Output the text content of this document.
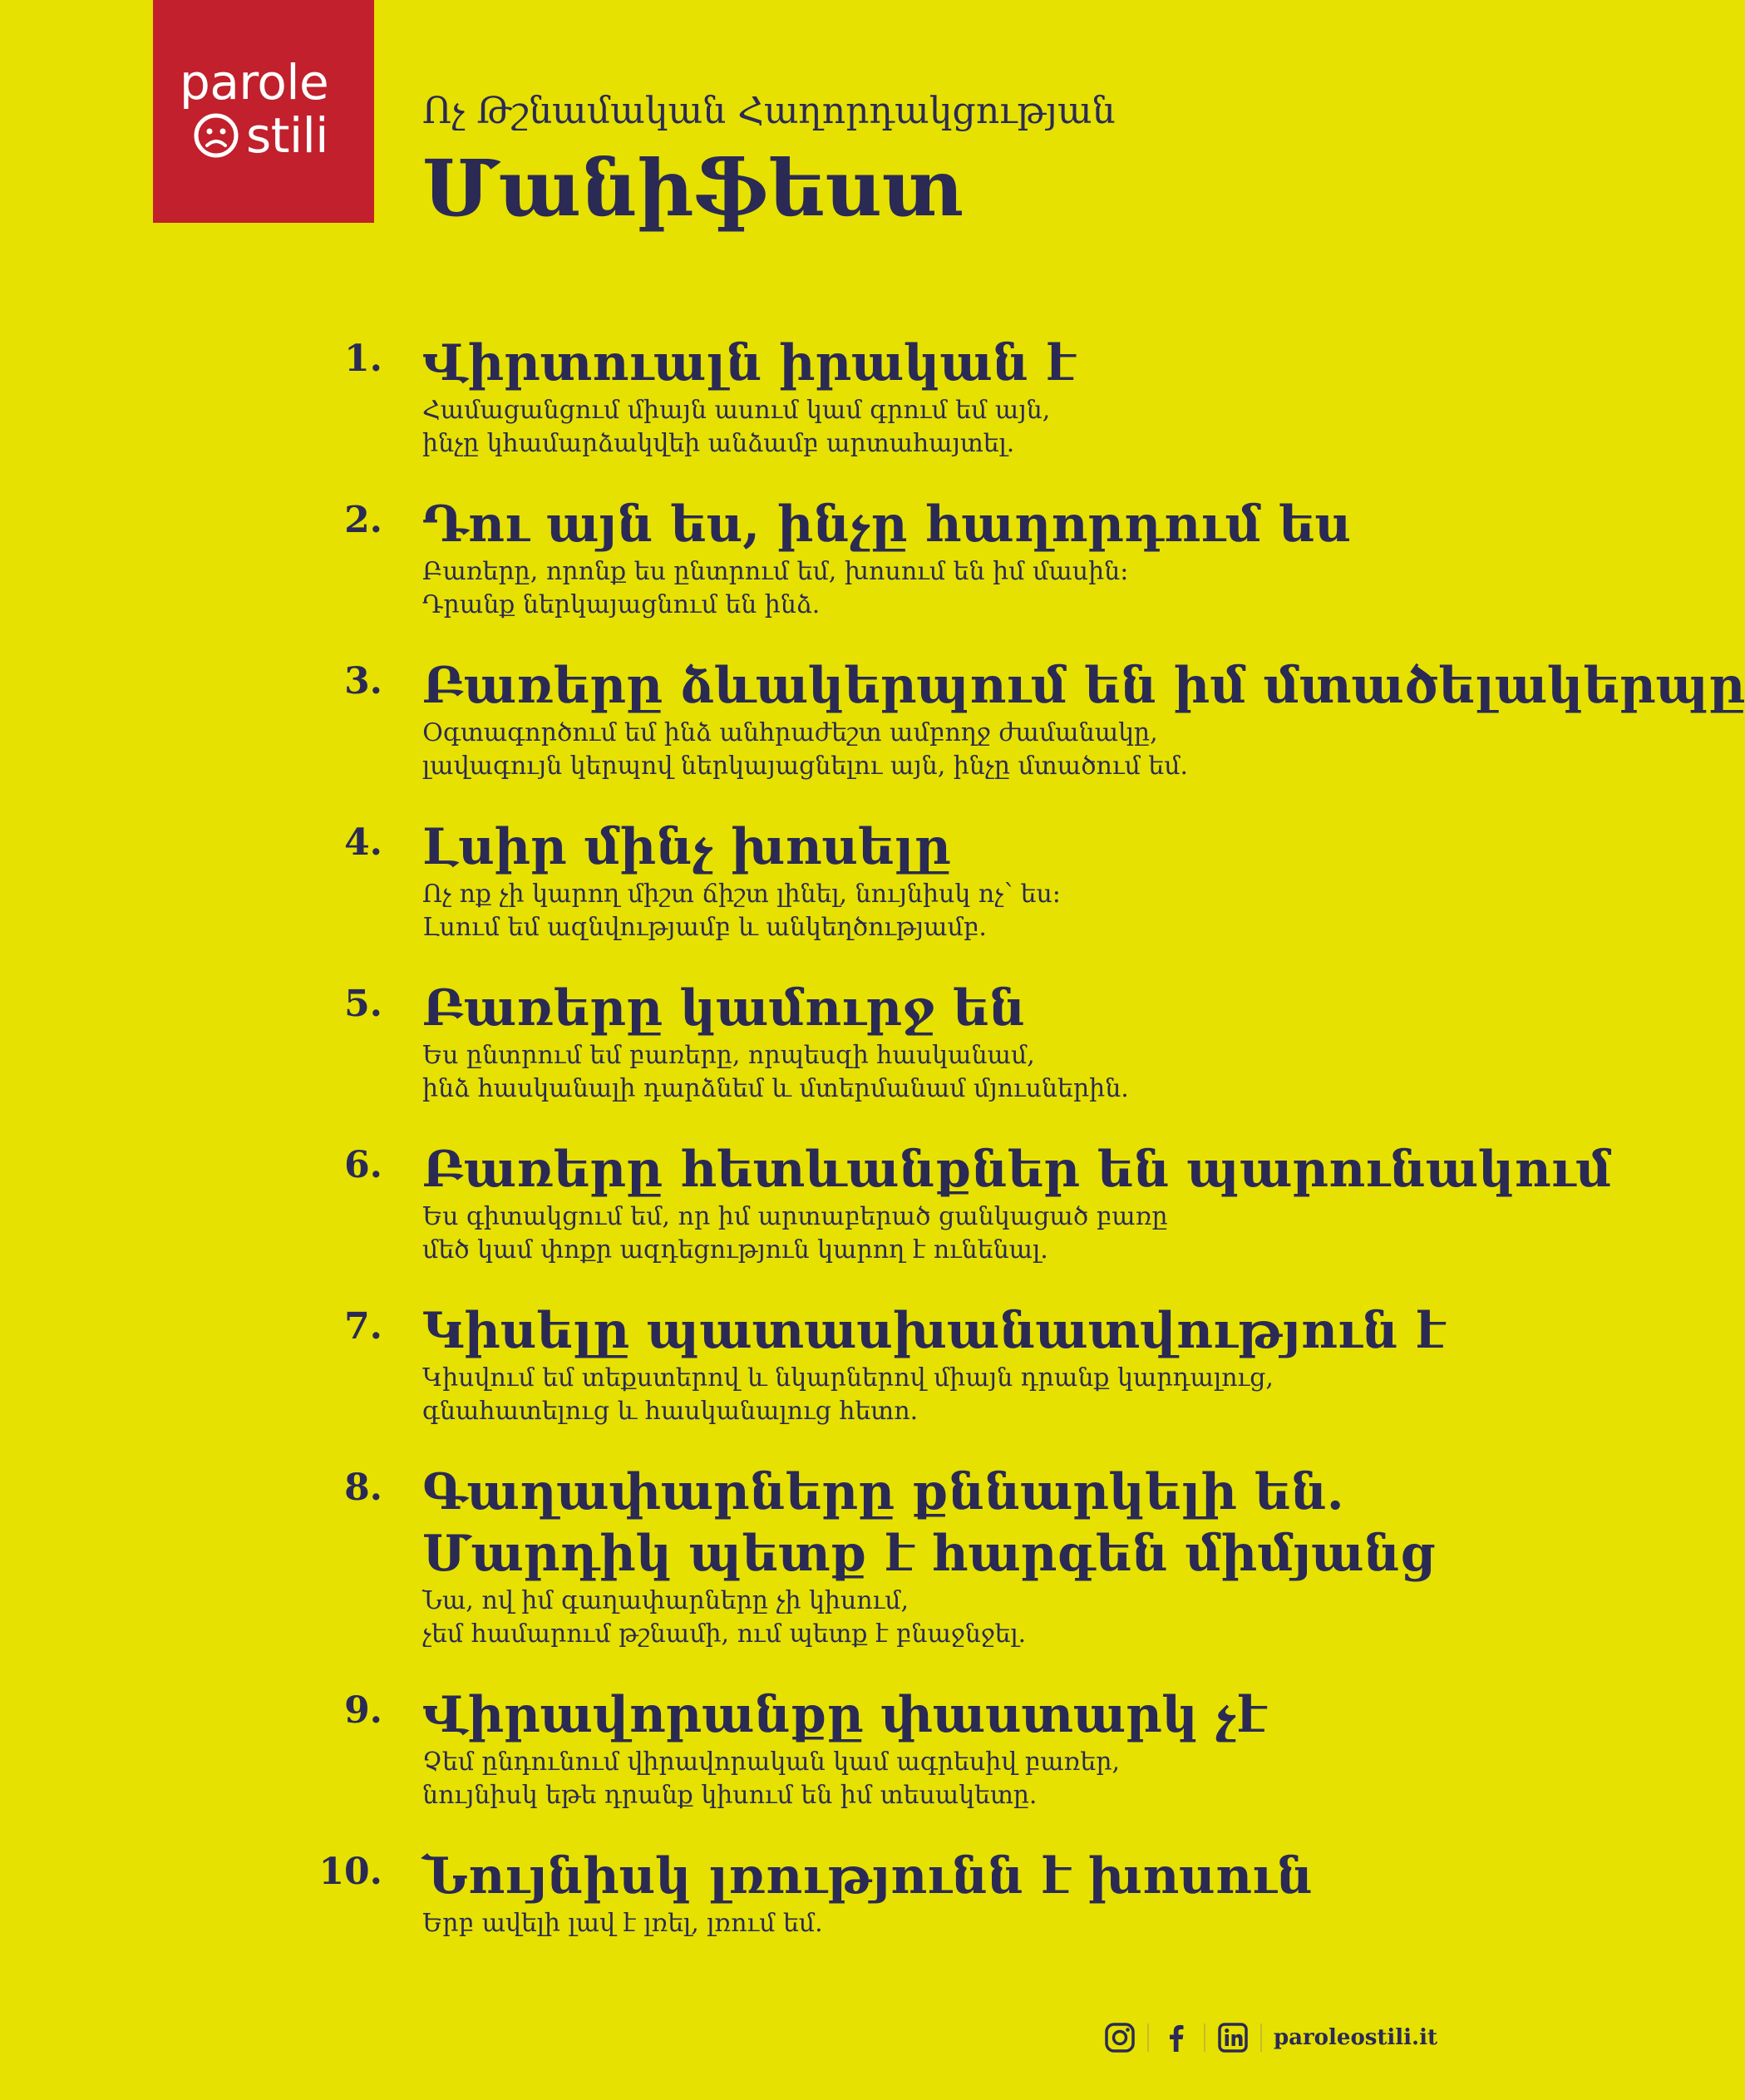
parole
stili	Ոչ Թշնամական Հաղորդակցության
Մանիֆեստ
1. Վիրտուալն իրական է
Համացանցում միայն ասում կամ գրում եմ այն,
ինչը կհամարձակվեի անձամբ արտահայտել.
2. Դու այն ես, ինչը հաղորդում ես
Բառերը, որոնք ես ընտրում եմ, խոսում են իմ մասին:
Դրանք ներկայացնում են ինձ.
3. Բառերը ձևակերպում են իմ մտածելակերպը
Օգտագործում եմ ինձ անհրաժեշտ ամբողջ ժամանակը,
լավագույն կերպով ներկայացնելու այն, ինչը մտածում եմ.
4. Լսիր մինչ խոսելը
Ոչ ոք չի կարող միշտ ճիշտ լինել, նույնիսկ ոչ՝ ես:
Լսում եմ ազնվությամբ և անկեղծությամբ.
5. Բառերը կամուրջ են
Ես ընտրում եմ բառերը, որպեսզի հասկանամ,
ինձ հասկանալի դարձնեմ և մտերմանամ մյուսներին.
6. Բառերը հետևանքներ են պարունակում
Ես գիտակցում եմ, որ իմ արտաբերած ցանկացած բառը
մեծ կամ փոքր ազդեցություն կարող է ունենալ.
7. Կիսելը պատասխանատվություն է
Կիսվում եմ տեքստերով և նկարներով միայն դրանք կարդալուց,
գնահատելուց և հասկանալուց հետո.
8. Գաղափարները քննարկելի են.
Մարդիկ պետք է հարգեն միմյանց
Նա, ով իմ գաղափարները չի կիսում,
չեմ համարում թշնամի, ում պետք է բնաջնջել.
9. Վիրավորանքը փաստարկ չէ
Չեմ ընդունում վիրավորական կամ ագրեսիվ բառեր,
նույնիսկ եթե դրանք կիսում են իմ տեսակետը.
10. Նույնիսկ լռությունն է խոսուն
Երբ ավելի լավ է լռել, լռում եմ.
paroleostili.it
